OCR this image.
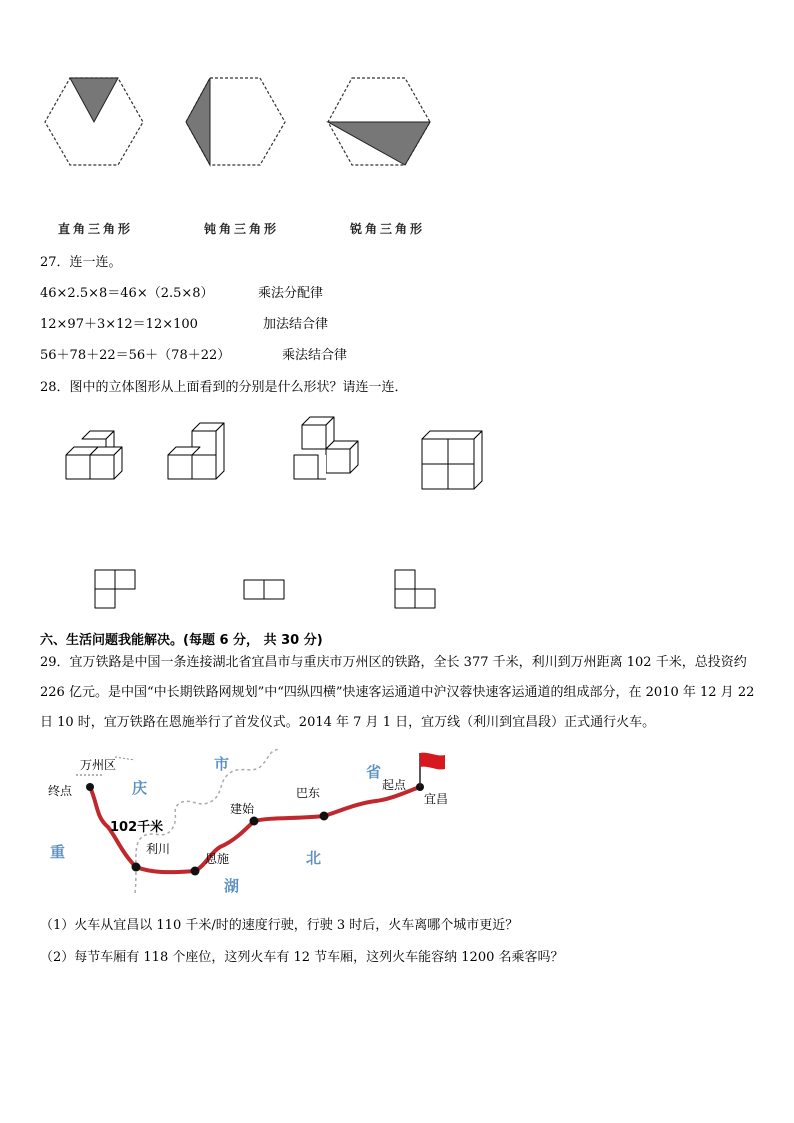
直角三角形	钝角三角形	锐角三角形
27．连一连。
46×2.5×8＝46×（2.5×8）	乘法分配律
12×97＋3×12＝12×100	加法结合律
56＋78＋22＝56＋（78＋22）	乘法结合律
28．图中的立体图形从上面看到的分别是什么形状？请连一连．
六、生活问题我能解决。(每题 6 分， 共 30 分)
29．宜万铁路是中国一条连接湖北省宜昌市与重庆市万州区的铁路，全长 377 千米，利川到万州距离 102 千米，总投资约 226 亿元。是中国“中长期铁路网规划”中“四纵四横”快速客运通道中沪汉蓉快速客运通道的组成部分，在 2010 年 12 月 22 日 10 时，宜万铁路在恩施举行了首发仪式。2014 年 7 月 1 日，宜万线（利川到宜昌段）正式通行火车。
万州区
终点
102千米
利川
恩施
建始
巴东
起点
宜昌
庆
市	省
重	北
湖
（1）火车从宜昌以 110 千米/时的速度行驶，行驶 3 时后，火车离哪个城市更近？
（2）每节车厢有 118 个座位，这列火车有 12 节车厢，这列火车能容纳 1200 名乘客吗？
